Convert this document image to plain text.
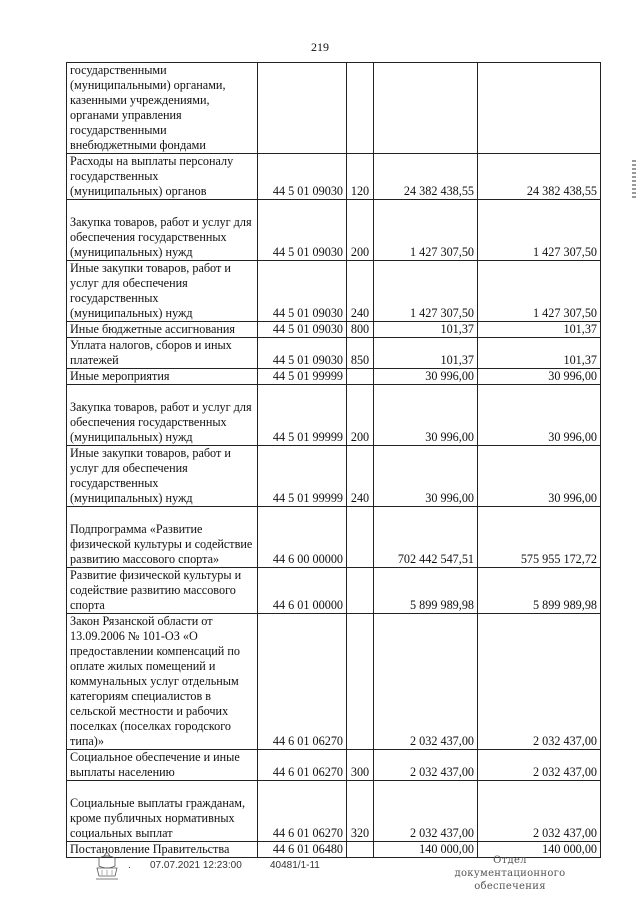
219
государственными (муниципальными) органами, казенными учреждениями, органами управления государственными внебюджетными фондами				
Расходы на выплаты персоналу государственных (муниципальных) органов	44 5 01 09030	120	24 382 438,55	24 382 438,55
Закупка товаров, работ и услуг для обеспечения государственных (муниципальных) нужд	44 5 01 09030	200	1 427 307,50	1 427 307,50
Иные закупки товаров, работ и услуг для обеспечения государственных (муниципальных) нужд	44 5 01 09030	240	1 427 307,50	1 427 307,50
Иные бюджетные ассигнования	44 5 01 09030	800	101,37	101,37
Уплата налогов, сборов и иных платежей	44 5 01 09030	850	101,37	101,37
Иные мероприятия	44 5 01 99999		30 996,00	30 996,00
Закупка товаров, работ и услуг для обеспечения государственных (муниципальных) нужд	44 5 01 99999	200	30 996,00	30 996,00
Иные закупки товаров, работ и услуг для обеспечения государственных (муниципальных) нужд	44 5 01 99999	240	30 996,00	30 996,00
Подпрограмма «Развитие физической культуры и содействие развитию массового спорта»	44 6 00 00000		702 442 547,51	575 955 172,72
Развитие физической культуры и содействие развитию массового спорта	44 6 01 00000		5 899 989,98	5 899 989,98
Закон Рязанской области от 13.09.2006 № 101-ОЗ «О предоставлении компенсаций по оплате жилых помещений и коммунальных услуг отдельным категориям специалистов в сельской местности и рабочих поселках (поселках городского типа)»	44 6 01 06270		2 032 437,00	2 032 437,00
Социальное обеспечение и иные выплаты населению	44 6 01 06270	300	2 032 437,00	2 032 437,00
Социальные выплаты гражданам, кроме публичных нормативных социальных выплат	44 6 01 06270	320	2 032 437,00	2 032 437,00
Постановление Правительства	44 6 01 06480		140 000,00	140 000,00
. 07.07.2021 12:23:00	40481/1-11	Отдел документационного
обеспечения
